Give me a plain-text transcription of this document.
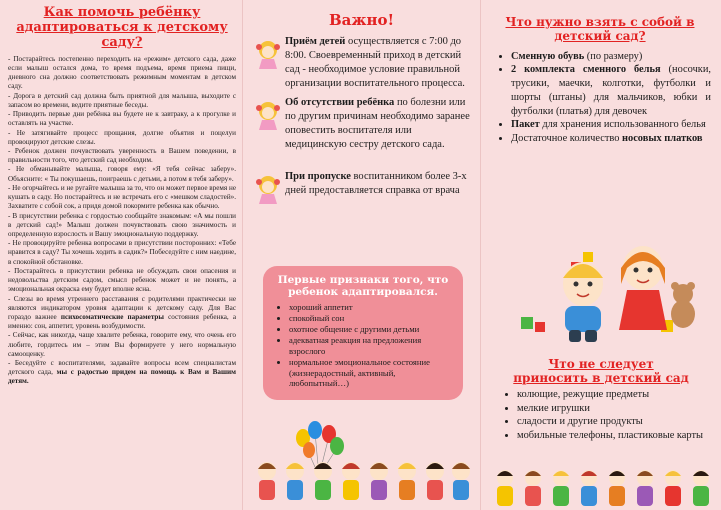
Как помочь ребёнку адаптироваться к детскому саду?

- Постарайтесь постепенно переходить на «режим» детского сада, даже если малыш остался дома, то время подъема, время приема пищи, дневного сна должно соответствовать режимным моментам в детском саду.

- Дорога в детский сад должна быть приятной для малыша, выходите с запасом во времени, ведите приятные беседы.

- Приводить первые дни ребёнка вы будете не к завтраку, а к прогулке и оставлять на участке.

- Не затягивайте процесс прощания, долгие объятия и поцелуи провоцируют детские слезы.

- Ребенок должен почувствовать уверенность в Вашем поведении, в правильности того, что детский сад необходим.

- Не обманывайте малыша, говоря ему: «Я тебя сейчас заберу». Объясните: « Ты покушаешь, поиграешь с детьми, а потом я тебя заберу».

- Не огорчайтесь и не ругайте малыша за то, что он может первое время не кушать в саду. Но постарайтесь и не встречать его с «мешком сладостей». Захватите с собой сок, а придя домой покормите ребенка как обычно.

- В присутствии ребенка с гордостью сообщайте знакомым: «А мы пошли в детский сад!» Малыш должен почувствовать свою значимость и определенную взрослость и Вашу эмоциональную поддержку.

- Не провоцируйте ребенка вопросами в присутствии посторонних: «Тебе нравится в саду? Ты хочешь ходить в садик?» Побеседуйте с ним наедине, в спокойной обстановке.

- Постарайтесь в присутствии ребенка не обсуждать свои опасения и недовольства детским садом, смысл ребенок может и не понять, а эмоциональная окраска ему будет вполне ясна.

- Слезы во время утреннего расставания с родителями практически не являются индикатором уровня адаптации к детскому саду. Для Вас гораздо важнее психосоматические параметры состояния ребенка, а именно: сон, аппетит, уровень возбудимости.

- Сейчас, как никогда, чаще хвалите ребенка, говорите ему, что очень его любите, гордитесь им – этим Вы формируете у него нормальную самооценку.

- Беседуйте с воспитателями, задавайте вопросы всем специалистам детского сада, мы с радостью придем на помощь к Вам и Вашим детям.

Важно!
Приём детей осуществляется с 7:00 до 8:00. Своевременный приход в детский сад - необходимое условие правильной организации воспитательного процесса.
Об отсутствии ребёнка по болезни или по другим причинам необходимо заранее оповестить воспитателя или медицинскую сестру детского сада.
При пропуске воспитанником более 3-х дней предоставляется справка от врача
Первые признаки того, что ребенок адаптировался.
• хороший аппетит
• спокойный сон
• охотное общение с другими детьми
• адекватная реакция на предложения взрослого
• нормальное эмоциональное состояние (жизнерадостный, активный, любопытный…)
Что нужно взять с собой в детский сад?
• Сменную обувь (по размеру)
• 2 комплекта сменного белья (носочки, трусики, маечки, колготки, футболки и шорты (штаны) для мальчиков, юбки и футболки (платья) для девочек
• Пакет для хранения использованного белья
• Достаточное количество носовых платков
Что не следует приносить в детский сад
• колющие, режущие предметы
• мелкие игрушки
• сладости и другие продукты
• мобильные телефоны, пластиковые карты
